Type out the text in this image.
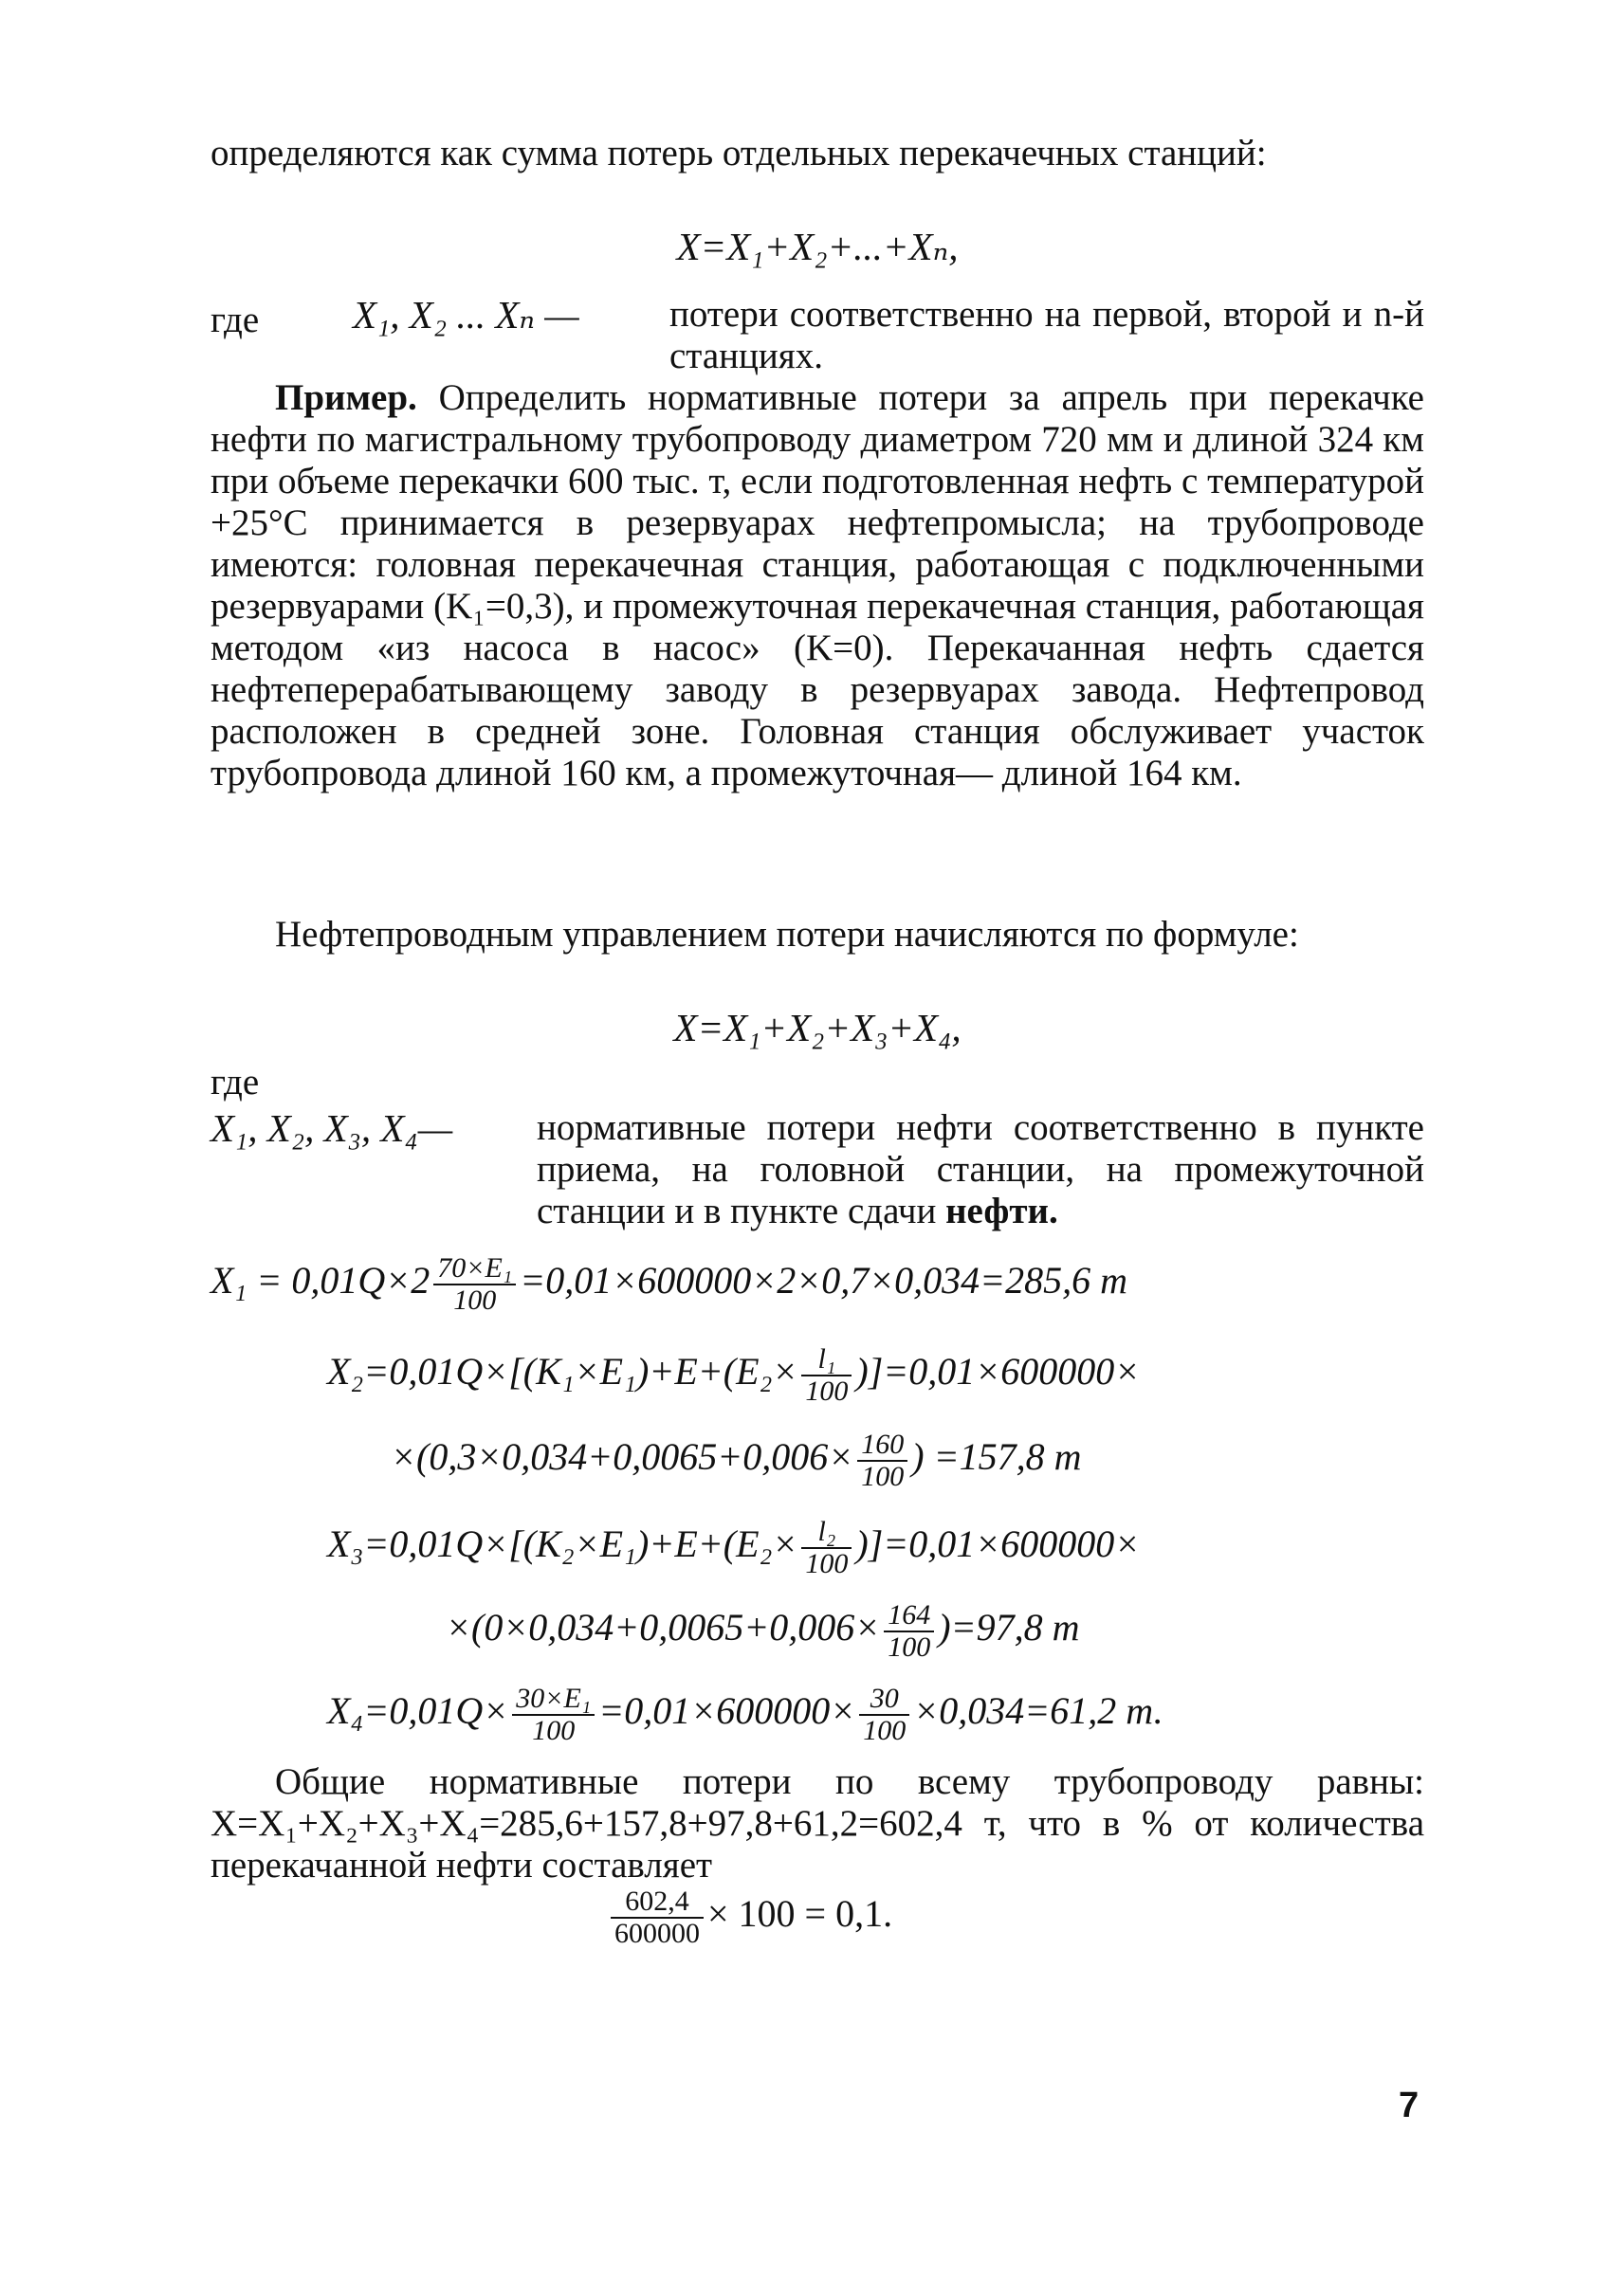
определяются как сумма потерь отдельных перекачечных станций:
X=X₁+X₂+...+Xₙ,
где X₁, X₂ ... Xₙ — потери соответственно на первой, второй и n-й станциях.
Пример. Определить нормативные потери за апрель при перекачке нефти по магистральному трубопроводу диаметром 720 мм и длиной 324 км при объеме перекачки 600 тыс. т, если подготовленная нефть с температурой +25°С принимается в резервуарах нефтепромысла; на трубопроводе имеются: головная перекачечная станция, работающая с подключенными резервуарами (K₁=0,3), и промежуточная перекачечная станция, работающая методом «из насоса в насос» (K=0). Перекачанная нефть сдается нефтеперерабатывающему заводу в резервуарах завода. Нефтепровод расположен в средней зоне. Головная станция обслуживает участок трубопровода длиной 160 км, а промежуточная— длиной 164 км.
Нефтепроводным управлением потери начисляются по формуле:
X=X₁+X₂+X₃+X₄,
где
X₁, X₂, X₃, X₄— нормативные потери нефти соответственно в пункте приема, на головной станции, на промежуточной станции и в пункте сдачи нефти.
$X_1 = 0,01Q\times 2 \frac{\text{70×E₁}}{100} =0,01\times 600000\times 2\times 0,7\times 0,034=285,6$ т
$X_2=0,01Q\times[(K_1\times E_1)+E+(E_2\times \frac{\text{l₁}}{100} )]=0,01\times 600000\times$
$\times(0,3\times 0,034+0,0065+0,006\times \frac{160}{100}$ ) =157,8 т
$X_3=0,01Q\times[(K_2\times E_1)+E+(E_2\times \frac{\text{l₂}}{100} )]=0,01\times 600000\times$
$\times(0\times 0,034+0,0065+0,006\times \frac{164}{100} )=97,8$ т
$X_4=0,01Q\times \frac{\text{30×E₁}}{100} =0,01\times 600000\times \frac{30}{100} \times 0,034=61,2$ т.
Общие нормативные потери по всему трубопроводу равны: X=X₁+X₂+X₃+X₄=285,6+157,8+97,8+61,2=602,4 т, что в % от количества перекачанной нефти составляет
$\frac{602,4}{600000} \times 100 = 0,1$.
7
